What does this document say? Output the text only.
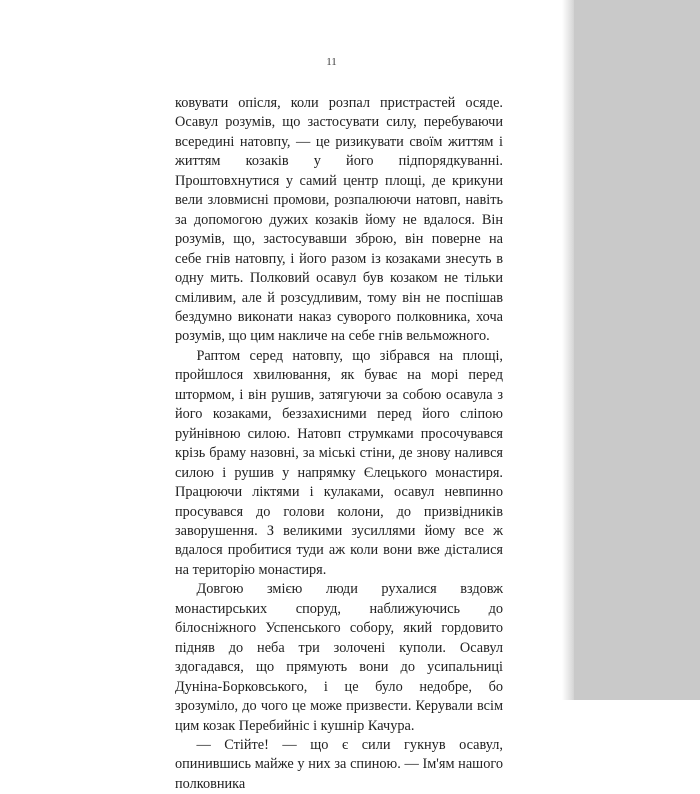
11

ковувати опісля, коли розпал пристрастей осяде. Осавул розумів, що застосувати силу, перебуваючи всередині натовпу, — це ризикувати своїм життям і життям козаків у його підпорядкуванні. Проштовхнутися у самий центр площі, де крикуни вели зловмисні промови, розпалюючи натовп, навіть за допомогою дужих козаків йому не вдалося. Він розумів, що, застосувавши зброю, він поверне на себе гнів натовпу, і його разом із козаками знесуть в одну мить. Полковий осавул був козаком не тільки сміливим, але й розсудливим, тому він не поспішав бездумно виконати наказ суворого полковника, хоча розумів, що цим накличе на себе гнів вельможного.

Раптом серед натовпу, що зібрався на площі, пройшлося хвилювання, як буває на морі перед штормом, і він рушив, затягуючи за собою осавула з його козаками, беззахисними перед його сліпою руйнівною силою. Натовп струмками просочувався крізь браму назовні, за міські стіни, де знову налився силою і рушив у напрямку Єлецького монастиря. Працюючи ліктями і кулаками, осавул невпинно просувався до голови колони, до призвідників заворушення. З великими зусиллями йому все ж вдалося пробитися туди аж коли вони вже дісталися на територію монастиря.

Довгою змією люди рухалися вздовж монастирських споруд, наближуючись до білосніжного Успенського собору, який гордовито підняв до неба три золочені куполи. Осавул здогадався, що прямують вони до усипальниці Дуніна-Борковського, і це було недобре, бо зрозуміло, до чого це може призвести. Керували всім цим козак Перебийніс і кушнір Качура.

— Стійте! — що є сили гукнув осавул, опинившись майже у них за спиною. — Ім'ям нашого полковника
